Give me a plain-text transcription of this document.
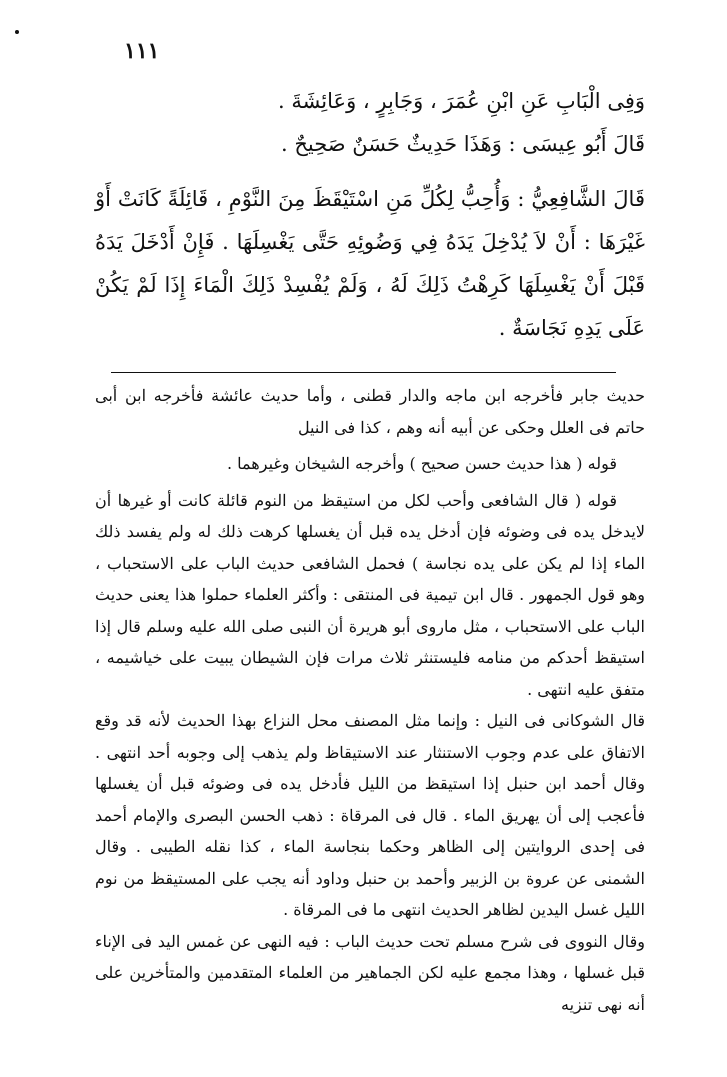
١١١

وَفِى الْبَابِ عَنِ ابْنِ عُمَرَ ، وَجَابِرٍ ، وَعَائِشَةَ .

قَالَ أَبُو عِيسَى : وَهَذَا حَدِيثٌ حَسَنٌ صَحِيحٌ .

قَالَ الشَّافِعِيُّ : وَأُحِبُّ لِكُلِّ مَنِ اسْتَيْقَظَ مِنَ النَّوْمِ ، قَائِلَةً كَانَتْ أَوْ غَيْرَهَا : أَنْ لاَ يُدْخِلَ يَدَهُ فِي وَضُوئِهِ حَتَّى يَغْسِلَهَا . فَإِنْ أَدْخَلَ يَدَهُ قَبْلَ أَنْ يَغْسِلَهَا كَرِهْتُ ذَلِكَ لَهُ ، وَلَمْ يُفْسِدْ ذَلِكَ الْمَاءَ إِذَا لَمْ يَكُنْ عَلَى يَدِهِ نَجَاسَةٌ .

حديث جابر فأخرجه ابن ماجه والدار قطنى ، وأما حديث عائشة فأخرجه ابن أبى حاتم فى العلل وحكى عن أبيه أنه وهم ، كذا فى النيل

قوله ( هذا حديث حسن صحيح ) وأخرجه الشيخان وغيرهما .

قوله ( قال الشافعى وأحب لكل من استيقظ من النوم قائلة كانت أو غيرها أن لايدخل يده فى وضوئه فإن أدخل يده قبل أن يغسلها كرهت ذلك له ولم يفسد ذلك الماء إذا لم يكن على يده نجاسة ) فحمل الشافعى حديث الباب على الاستحباب ، وهو قول الجمهور . قال ابن تيمية فى المنتقى : وأكثر العلماء حملوا هذا يعنى حديث الباب على الاستحباب ، مثل ماروى أبو هريرة أن النبى صلى الله عليه وسلم قال إذا استيقظ أحدكم من منامه فليستنثر ثلاث مرات فإن الشيطان يبيت على خياشيمه ، متفق عليه انتهى .

قال الشوكانى فى النيل : وإنما مثل المصنف محل النزاع بهذا الحديث لأنه قد وقع الاتفاق على عدم وجوب الاستنثار عند الاستيقاظ ولم يذهب إلى وجوبه أحد انتهى . وقال أحمد ابن حنبل إذا استيقظ من الليل فأدخل يده فى وضوئه قبل أن يغسلها فأعجب إلى أن يهريق الماء . قال فى المرقاة : ذهب الحسن البصرى والإمام أحمد فى إحدى الروايتين إلى الظاهر وحكما بنجاسة الماء ، كذا نقله الطيبى . وقال الشمنى عن عروة بن الزبير وأحمد بن حنبل وداود أنه يجب على المستيقظ من نوم الليل غسل اليدين لظاهر الحديث انتهى ما فى المرقاة .

وقال النووى فى شرح مسلم تحت حديث الباب : فيه النهى عن غمس اليد فى الإناء قبل غسلها ، وهذا مجمع عليه لكن الجماهير من العلماء المتقدمين والمتأخرين على أنه نهى تنزيه
